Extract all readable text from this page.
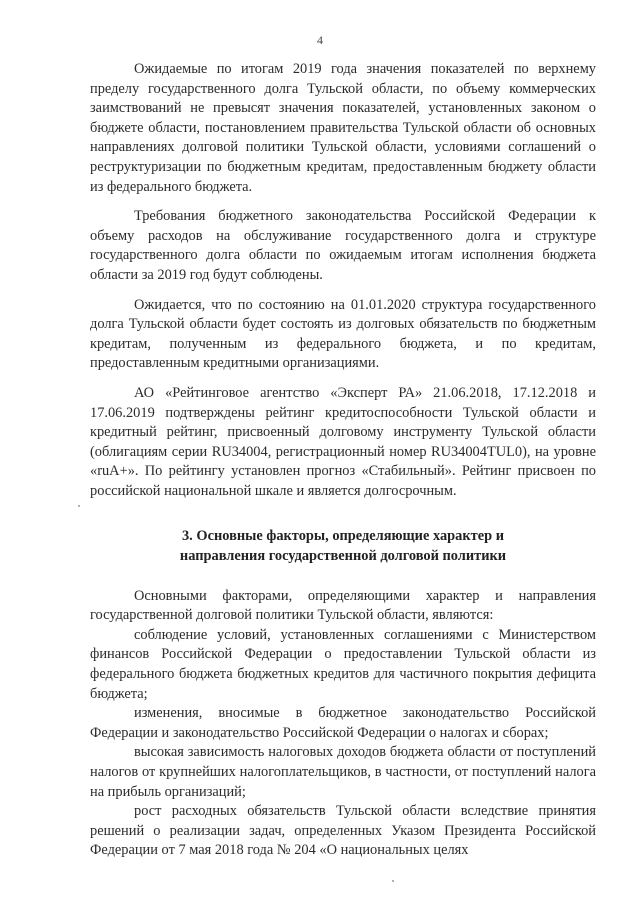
4

Ожидаемые по итогам 2019 года значения показателей по верхнему пределу государственного долга Тульской области, по объему коммерческих заимствований не превысят значения показателей, установленных законом о бюджете области, постановлением правительства Тульской области об основных направлениях долговой политики Тульской области, условиями соглашений о реструктуризации по бюджетным кредитам, предоставленным бюджету области из федерального бюджета.

Требования бюджетного законодательства Российской Федерации к объему расходов на обслуживание государственного долга и структуре государственного долга области по ожидаемым итогам исполнения бюджета области за 2019 год будут соблюдены.

Ожидается, что по состоянию на 01.01.2020 структура государственного долга Тульской области будет состоять из долговых обязательств по бюджетным кредитам, полученным из федерального бюджета, и по кредитам, предоставленным кредитными организациями.

АО «Рейтинговое агентство «Эксперт РА» 21.06.2018, 17.12.2018 и 17.06.2019 подтверждены рейтинг кредитоспособности Тульской области и кредитный рейтинг, присвоенный долговому инструменту Тульской области (облигациям серии RU34004, регистрационный номер RU34004TUL0), на уровне «ruA+». По рейтингу установлен прогноз «Стабильный». Рейтинг присвоен по российской национальной шкале и является долгосрочным.

3. Основные факторы, определяющие характер и
направления государственной долговой политики

Основными факторами, определяющими характер и направления государственной долговой политики Тульской области, являются:

соблюдение условий, установленных соглашениями с Министерством финансов Российской Федерации о предоставлении Тульской области из федерального бюджета бюджетных кредитов для частичного покрытия дефицита бюджета;

изменения, вносимые в бюджетное законодательство Российской Федерации и законодательство Российской Федерации о налогах и сборах;

высокая зависимость налоговых доходов бюджета области от поступлений налогов от крупнейших налогоплательщиков, в частности, от поступлений налога на прибыль организаций;

рост расходных обязательств Тульской области вследствие принятия решений о реализации задач, определенных Указом Президента Российской Федерации от 7 мая 2018 года № 204 «О национальных целях
